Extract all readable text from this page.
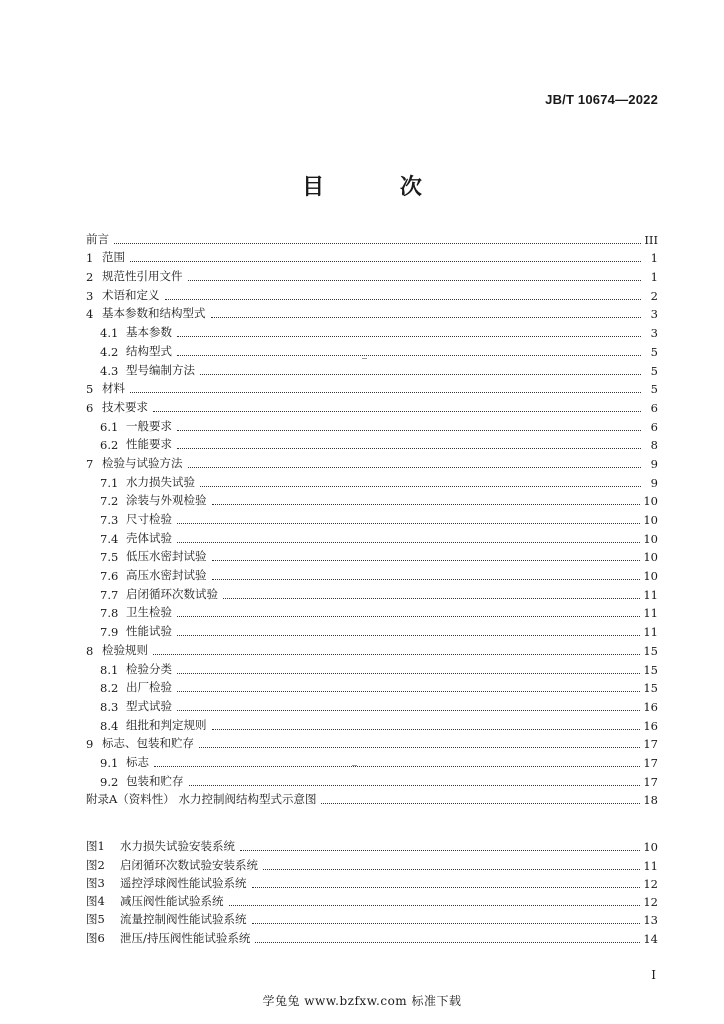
JB/T 10674—2022
目 次
前言	III
1 范围	1
2 规范性引用文件	1
3 术语和定义	2
4 基本参数和结构型式	3
4.1 基本参数	3
4.2 结构型式	5
4.3 型号编制方法	5
5 材料	5
6 技术要求	6
6.1 一般要求	6
6.2 性能要求	8
7 检验与试验方法	9
7.1 水力损失试验	9
7.2 涂装与外观检验	10
7.3 尺寸检验	10
7.4 壳体试验	10
7.5 低压水密封试验	10
7.6 高压水密封试验	10
7.7 启闭循环次数试验	11
7.8 卫生检验	11
7.9 性能试验	11
8 检验规则	15
8.1 检验分类	15
8.2 出厂检验	15
8.3 型式试验	16
8.4 组批和判定规则	16
9 标志、包装和贮存	17
9.1 标志	17
9.2 包装和贮存	17
附录A（资料性） 水力控制阀结构型式示意图	18
图1	水力损失试验安装系统	10
图2	启闭循环次数试验安装系统	11
图3	遥控浮球阀性能试验系统	12
图4	减压阀性能试验系统	12
图5	流量控制阀性能试验系统	13
图6	泄压/持压阀性能试验系统	14
I
学兔兔 www.bzfxw.com 标准下载
